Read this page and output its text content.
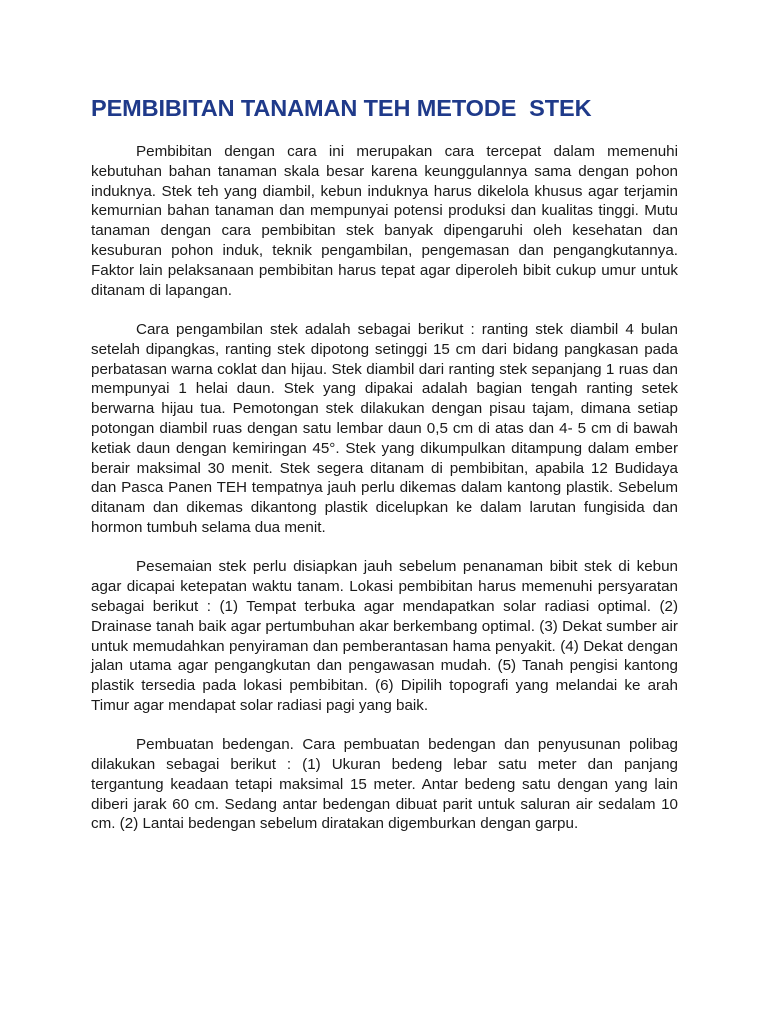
PEMBIBITAN TANAMAN TEH METODE  STEK

Pembibitan dengan cara ini merupakan cara tercepat dalam memenuhi kebutuhan bahan tanaman skala besar karena keunggulannya sama dengan pohon induknya. Stek teh yang diambil, kebun induknya harus dikelola khusus agar terjamin kemurnian bahan tanaman dan mempunyai potensi produksi dan kualitas tinggi. Mutu tanaman dengan cara pembibitan stek banyak dipengaruhi oleh kesehatan dan kesuburan pohon induk, teknik pengambilan, pengemasan dan pengangkutannya. Faktor lain pelaksanaan pembibitan harus tepat agar diperoleh bibit cukup umur untuk ditanam di lapangan.

Cara pengambilan stek adalah sebagai berikut : ranting stek diambil 4 bulan setelah dipangkas, ranting stek dipotong setinggi 15 cm dari bidang pangkasan pada perbatasan warna coklat dan hijau. Stek diambil dari ranting stek sepanjang 1 ruas dan mempunyai 1 helai daun. Stek yang dipakai adalah bagian tengah ranting setek berwarna hijau tua. Pemotongan stek dilakukan dengan pisau tajam, dimana setiap potongan diambil ruas dengan satu lembar daun 0,5 cm di atas dan 4- 5 cm di bawah ketiak daun dengan kemiringan 45°. Stek yang dikumpulkan ditampung dalam ember berair maksimal 30 menit. Stek segera ditanam di pembibitan, apabila 12 Budidaya dan Pasca Panen TEH tempatnya jauh perlu dikemas dalam kantong plastik. Sebelum ditanam dan dikemas dikantong plastik dicelupkan ke dalam larutan fungisida dan hormon tumbuh selama dua menit.

Pesemaian stek perlu disiapkan jauh sebelum penanaman bibit stek di kebun agar dicapai ketepatan waktu tanam. Lokasi pembibitan harus memenuhi persyaratan sebagai berikut : (1) Tempat terbuka agar mendapatkan solar radiasi optimal. (2) Drainase tanah baik agar pertumbuhan akar berkembang optimal. (3) Dekat sumber air untuk memudahkan penyiraman dan pemberantasan hama penyakit. (4) Dekat dengan jalan utama agar pengangkutan dan pengawasan mudah. (5) Tanah pengisi kantong plastik tersedia pada lokasi pembibitan. (6) Dipilih topografi yang melandai ke arah Timur agar mendapat solar radiasi pagi yang baik.

Pembuatan bedengan. Cara pembuatan bedengan dan penyusunan polibag dilakukan sebagai berikut : (1) Ukuran bedeng lebar satu meter dan panjang tergantung keadaan tetapi maksimal 15 meter. Antar bedeng satu dengan yang lain diberi jarak 60 cm. Sedang antar bedengan dibuat parit untuk saluran air sedalam 10 cm. (2) Lantai bedengan sebelum diratakan digemburkan dengan garpu.
